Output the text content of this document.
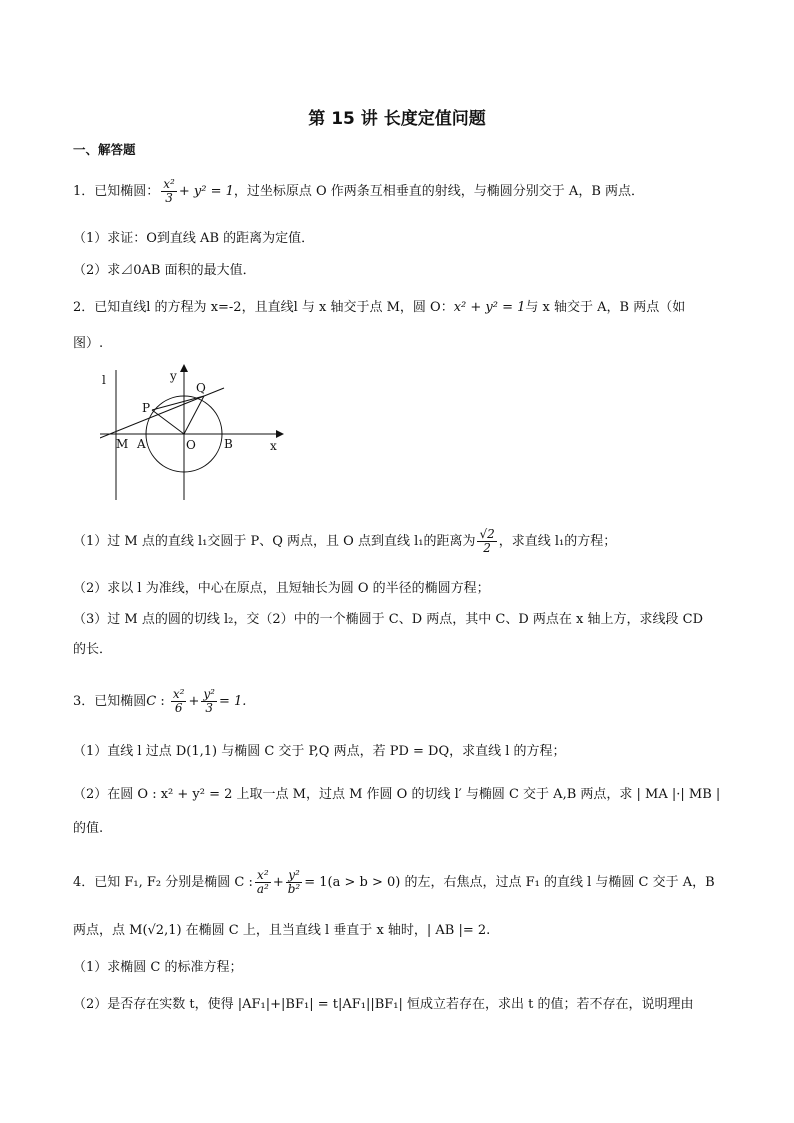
第 15 讲 长度定值问题
一、解答题
1．已知椭圆： $\frac{\text{x²}}{3} + y^2 = 1$，过坐标原点 O 作两条互相垂直的射线，与椭圆分别交于 A，B 两点．
（1）求证：O到直线 AB 的距离为定值．
（2）求⊿0AB 面积的最大值．
2．已知直线l 的方程为 x=-2，且直线l 与 x 轴交于点 M，圆 O：x² + y² = 1与 x 轴交于 A，B 两点（如
图）.
l	y
x
M A	O B
P
Q
（1）过 M 点的直线 l₁交圆于 P、Q 两点，且 O 点到直线 l₁的距离为 $\frac{√2}{2}$ ，求直线 l₁的方程；
（2）求以 l 为准线，中心在原点，且短轴长为圆 O 的半径的椭圆方程；
（3）过 M 点的圆的切线 l₂，交（2）中的一个椭圆于 C、D 两点，其中 C、D 两点在 x 轴上方，求线段 CD
的长．
3．已知椭圆C : $\frac{\text{x²}}{6} + \frac{\text{y²}}{3} = 1$.
（1）直线 l 过点 D(1,1) 与椭圆 C 交于 P,Q 两点，若 PD = DQ，求直线 l 的方程；
（2）在圆 O : x² + y² = 2 上取一点 M，过点 M 作圆 O 的切线 l′ 与椭圆 C 交于 A,B 两点，求 | MA |·| MB |
的值.
4．已知 F₁, F₂ 分别是椭圆 C : $\frac{\text{x²}}{\text{a²}} + \frac{\text{y²}}{\text{b²}} = 1(a > b > 0)$ 的左，右焦点，过点 F₁ 的直线 l 与椭圆 C 交于 A，B
两点，点 M(√2,1) 在椭圆 C 上，且当直线 l 垂直于 x 轴时，| AB |= 2.
（1）求椭圆 C 的标准方程；
（2）是否存在实数 t，使得 |AF₁|+|BF₁| = t|AF₁||BF₁| 恒成立若存在，求出 t 的值；若不存在，说明理由
